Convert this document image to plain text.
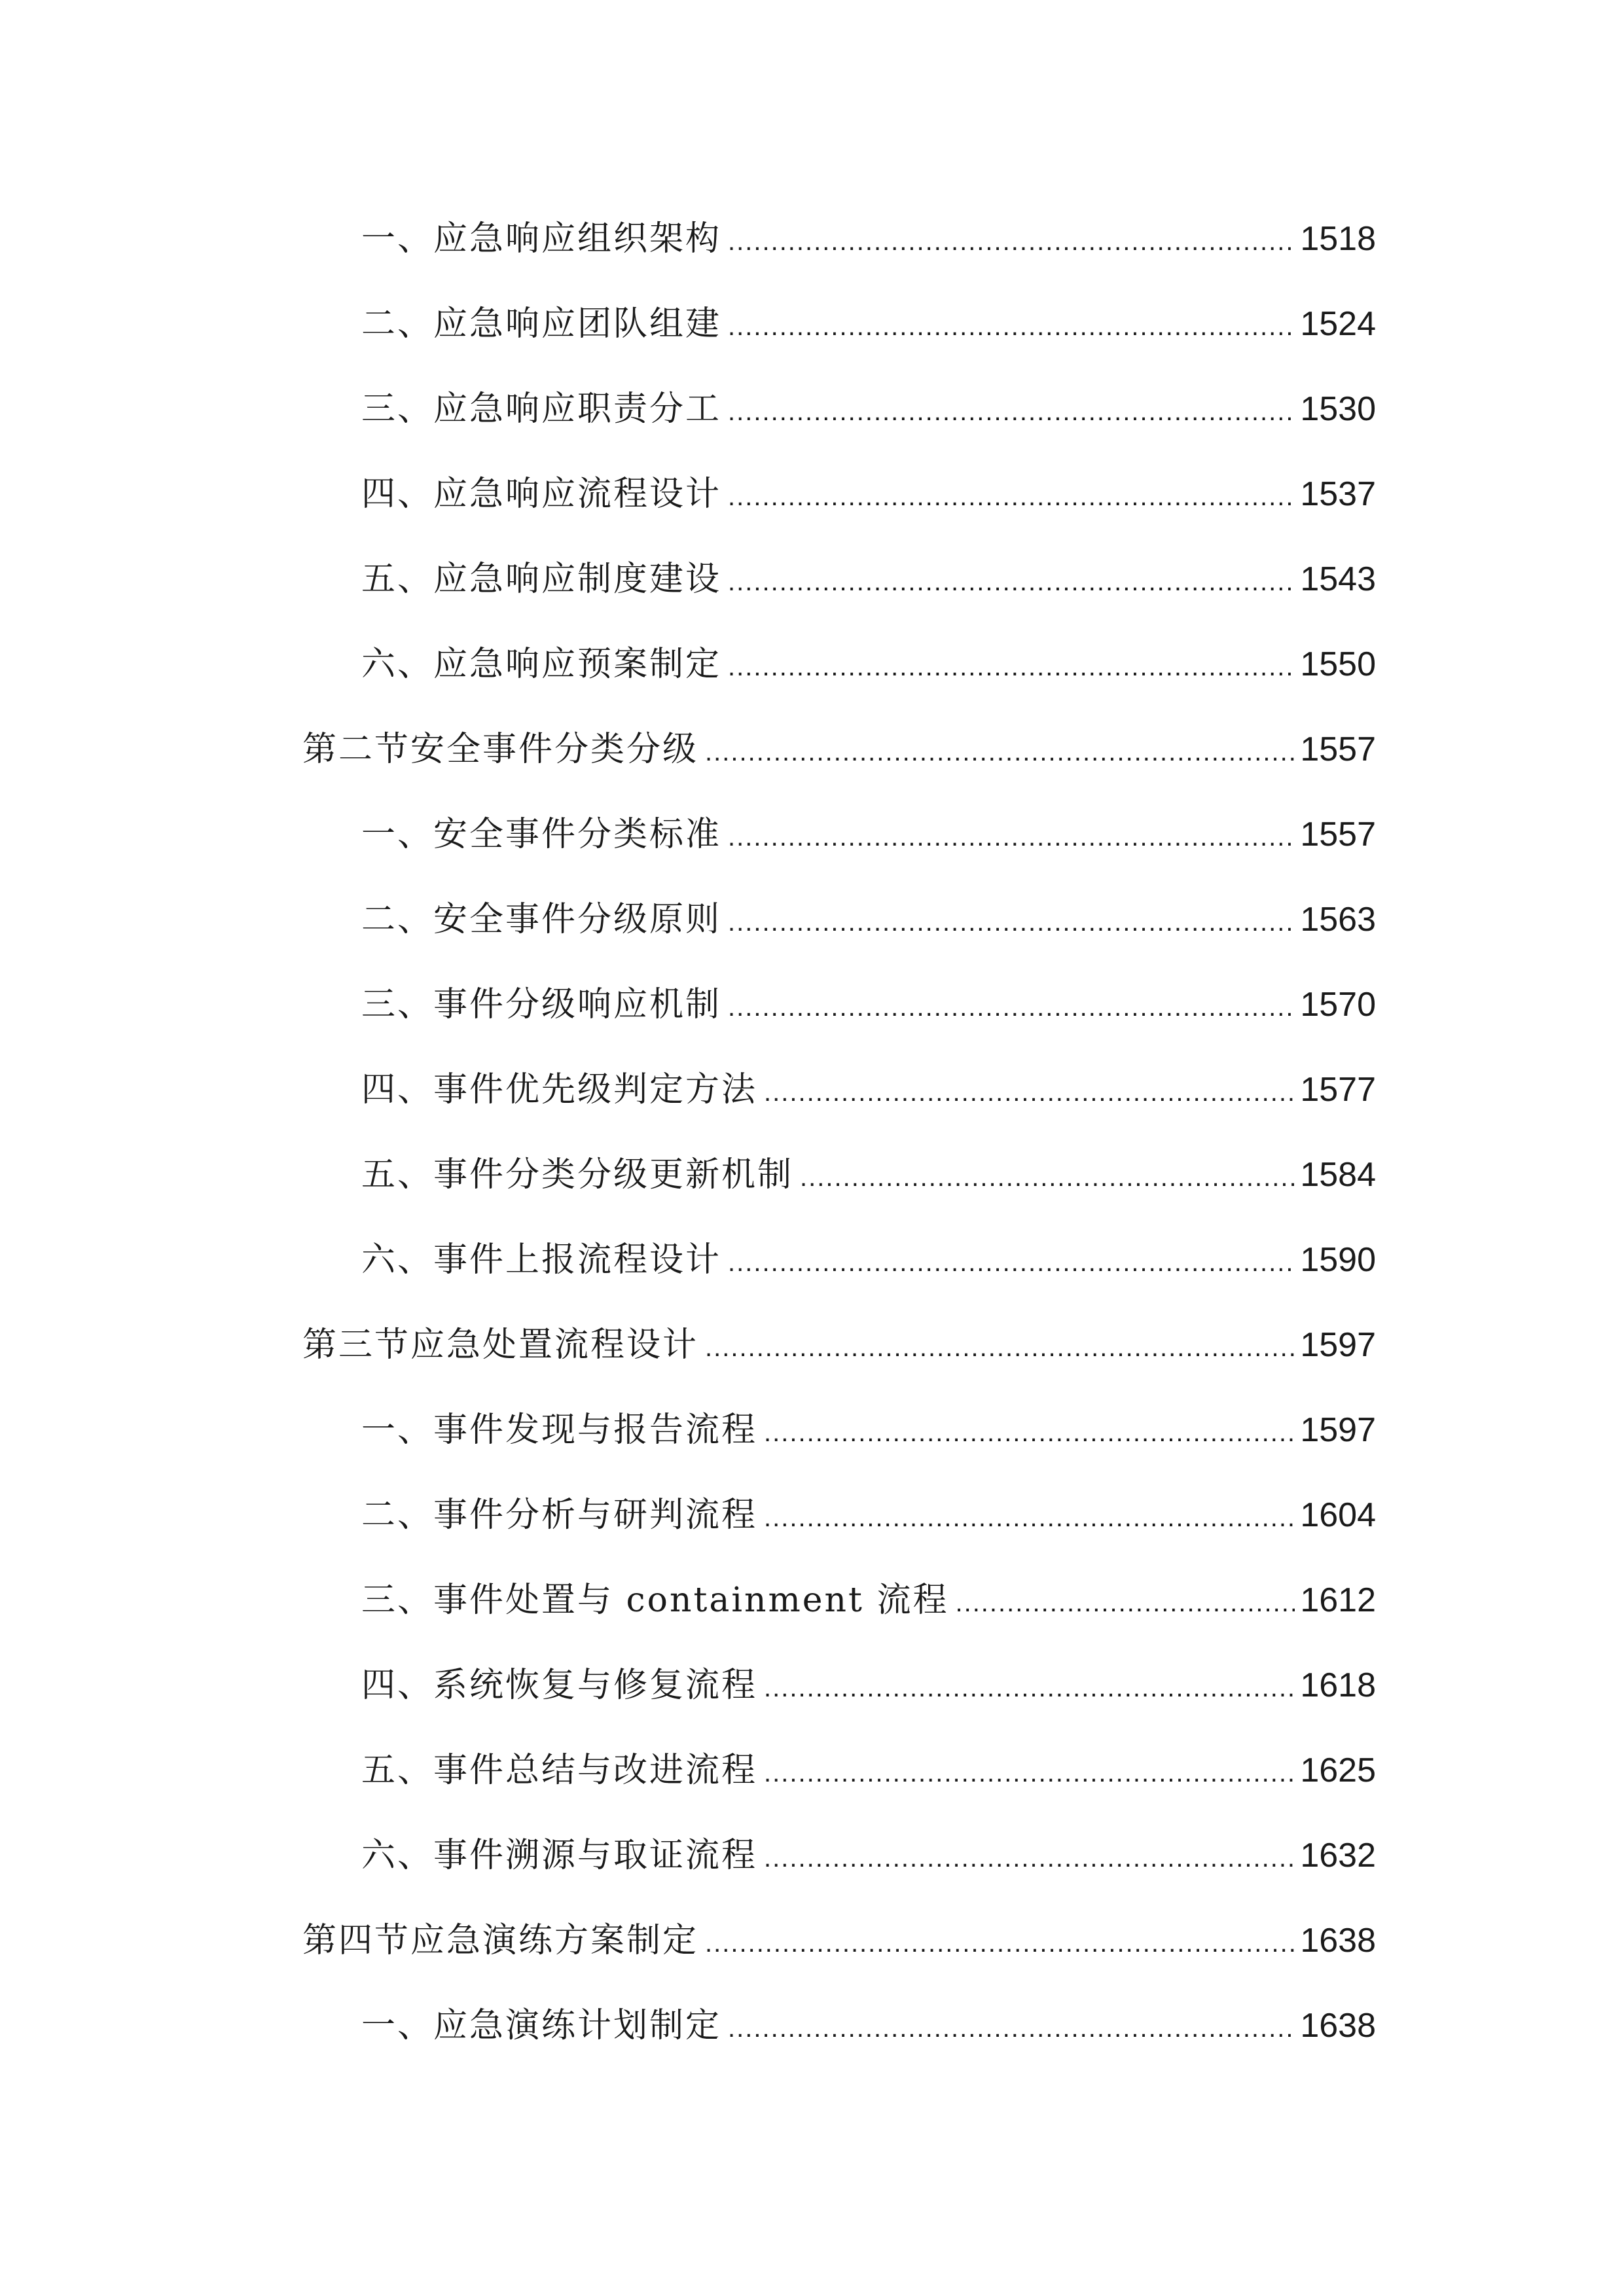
一、应急响应组织架构 .....	1518
二、应急响应团队组建 .....	1524
三、应急响应职责分工 .....	1530
四、应急响应流程设计 .....	1537
五、应急响应制度建设 .....	1543
六、应急响应预案制定 .....	1550
第二节安全事件分类分级 .....	1557
一、安全事件分类标准 .....	1557
二、安全事件分级原则 .....	1563
三、事件分级响应机制 .....	1570
四、事件优先级判定方法 .....	1577
五、事件分类分级更新机制 .....	1584
六、事件上报流程设计 .....	1590
第三节应急处置流程设计 .....	1597
一、事件发现与报告流程 .....	1597
二、事件分析与研判流程 .....	1604
三、事件处置与 containment 流程 .....	1612
四、系统恢复与修复流程 .....	1618
五、事件总结与改进流程 .....	1625
六、事件溯源与取证流程 .....	1632
第四节应急演练方案制定 .....	1638
一、应急演练计划制定 .....	1638
